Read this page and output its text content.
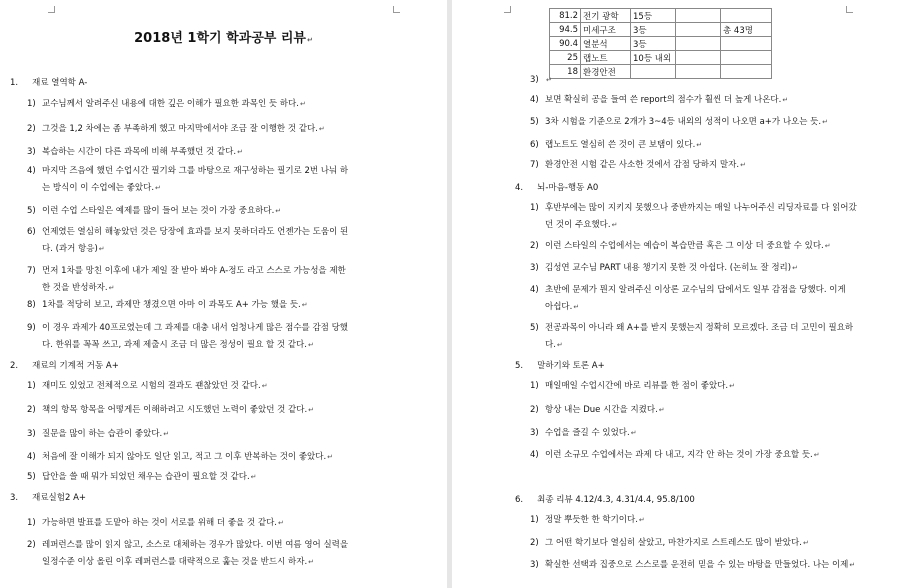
2018년 1학기 학과공부 리뷰↵
1. 재료 열역학 A-
1) 교수님께서 알려주신 내용에 대한 깊은 이해가 필요한 과목인 듯 하다.↵
2) 그것을 1,2 차에는 좀 부족하게 했고 마지막에서야 조금 잘 이행한 것 같다.↵
3) 복습하는 시간이 다른 과목에 비해 부족했던 것 같다.↵
4) 마지막 즈음에 했던 수업시간 필기와 그를 바탕으로 재구성하는 필기로 2번 나눠 하
는 방식이 이 수업에는 좋았다.↵
5) 이런 수업 스타일은 예제를 많이 들어 보는 것이 가장 중요하다.↵
6) 언제였든 열심히 해놓았던 것은 당장에 효과를 보지 못하더라도 언젠가는 도움이 된
다. (과거 항응)↵
7) 먼저 1차를 망친 이후에 내가 제일 잘 받아 봐야 A-정도 라고 스스로 가능성을 제한
한 것을 반성하자.↵
8) 1차를 적당히 보고, 과제만 챙겼으면 아마 이 과목도 A+ 가능 했을 듯.↵
9) 이 경우 과제가 40프로였는데 그 과제를 대충 내서 엄청나게 많은 점수를 감점 당했
다. 한위를 꼭꼭 쓰고, 과제 제출시 조금 더 많은 정성이 필요 할 것 같다.↵
2. 재료의 기계적 거동 A+
1) 재미도 있었고 전체적으로 시험의 결과도 괜찮았던 것 같다.↵
2) 책의 항목 항목을 어떻게든 이해하려고 시도했던 노력이 좋았던 것 같다.↵
3) 질문을 많이 하는 습관이 좋았다.↵
4) 처음에 잘 이해가 되지 않아도 일단 읽고, 적고 그 이후 반복하는 것이 좋았다.↵
5) 답안을 쓸 때 뭐가 되었던 채우는 습관이 필요할 것 같다.↵
3. 재료실험2 A+
1) 가능하면 발표를 도맡아 하는 것이 서로를 위해 더 좋을 것 같다.↵
2) 레퍼런스를 많이 읽지 않고, 소스로 대체하는 경우가 많았다. 이번 여름 영어 실력을
일정수준 이상 올린 이후 레퍼런스를 대략적으로 훑는 것을 반드시 하자.↵
81.2	전기 광학	15등		
94.5	미세구조	3등		총 43명
90.4	열분석	3등		
25	랩노트	10등 내외		
18	환경안전			
3) ↵
4) 보면 확실히 공을 들여 쓴 report의 점수가 훨씬 더 높게 나온다.↵
5) 3차 시험을 기준으로 2개가 3~4등 내외의 성적이 나오면 a+가 나오는 듯.↵
6) 랩노트도 열심히 쓴 것이 큰 보탬이 있다.↵
7) 환경안전 시험 같은 사소한 것에서 감점 당하지 말자.↵
4. 뇌-마음-행동 A0
1) 후반부에는 많이 지키지 못했으나 중반까지는 매일 나누어주신 리딩자료를 다 읽어갔
던 것이 주요했다.↵
2) 이런 스타일의 수업에서는 예습이 복습만큼 혹은 그 이상 더 중요할 수 있다.↵
3) 김성연 교수님 PART 내용 챙기지 못한 것 아쉽다. (논히뇨 잘 정리)↵
4) 초반에 문제가 뭔지 알려주신 이상론 교수님의 답에서도 일부 감점을 당했다. 이게
아쉽다.↵
5) 전공과목이 아니라 왜 A+를 받지 못했는지 정확히 모르겠다. 조금 더 고민이 필요하
다.↵
5. 말하기와 토론 A+
1) 매일매일 수업시간에 바로 리뷰를 한 점이 좋았다.↵
2) 항상 내는 Due 시간을 지켰다.↵
3) 수업을 즐길 수 있었다.↵
4) 이런 소규모 수업에서는 과제 다 내고, 지각 안 하는 것이 가장 중요할 듯.↵
6. 최종 리뷰 4.12/4.3, 4.31/4.4, 95.8/100
1) 정말 뿌듯한 한 학기이다.↵
2) 그 어떤 학기보다 열심히 살았고, 마찬가지로 스트레스도 많이 받았다.↵
3) 확실한 선택과 집중으로 스스로를 운전히 믿을 수 있는 바탕을 만들었다. 나는 이제↵
